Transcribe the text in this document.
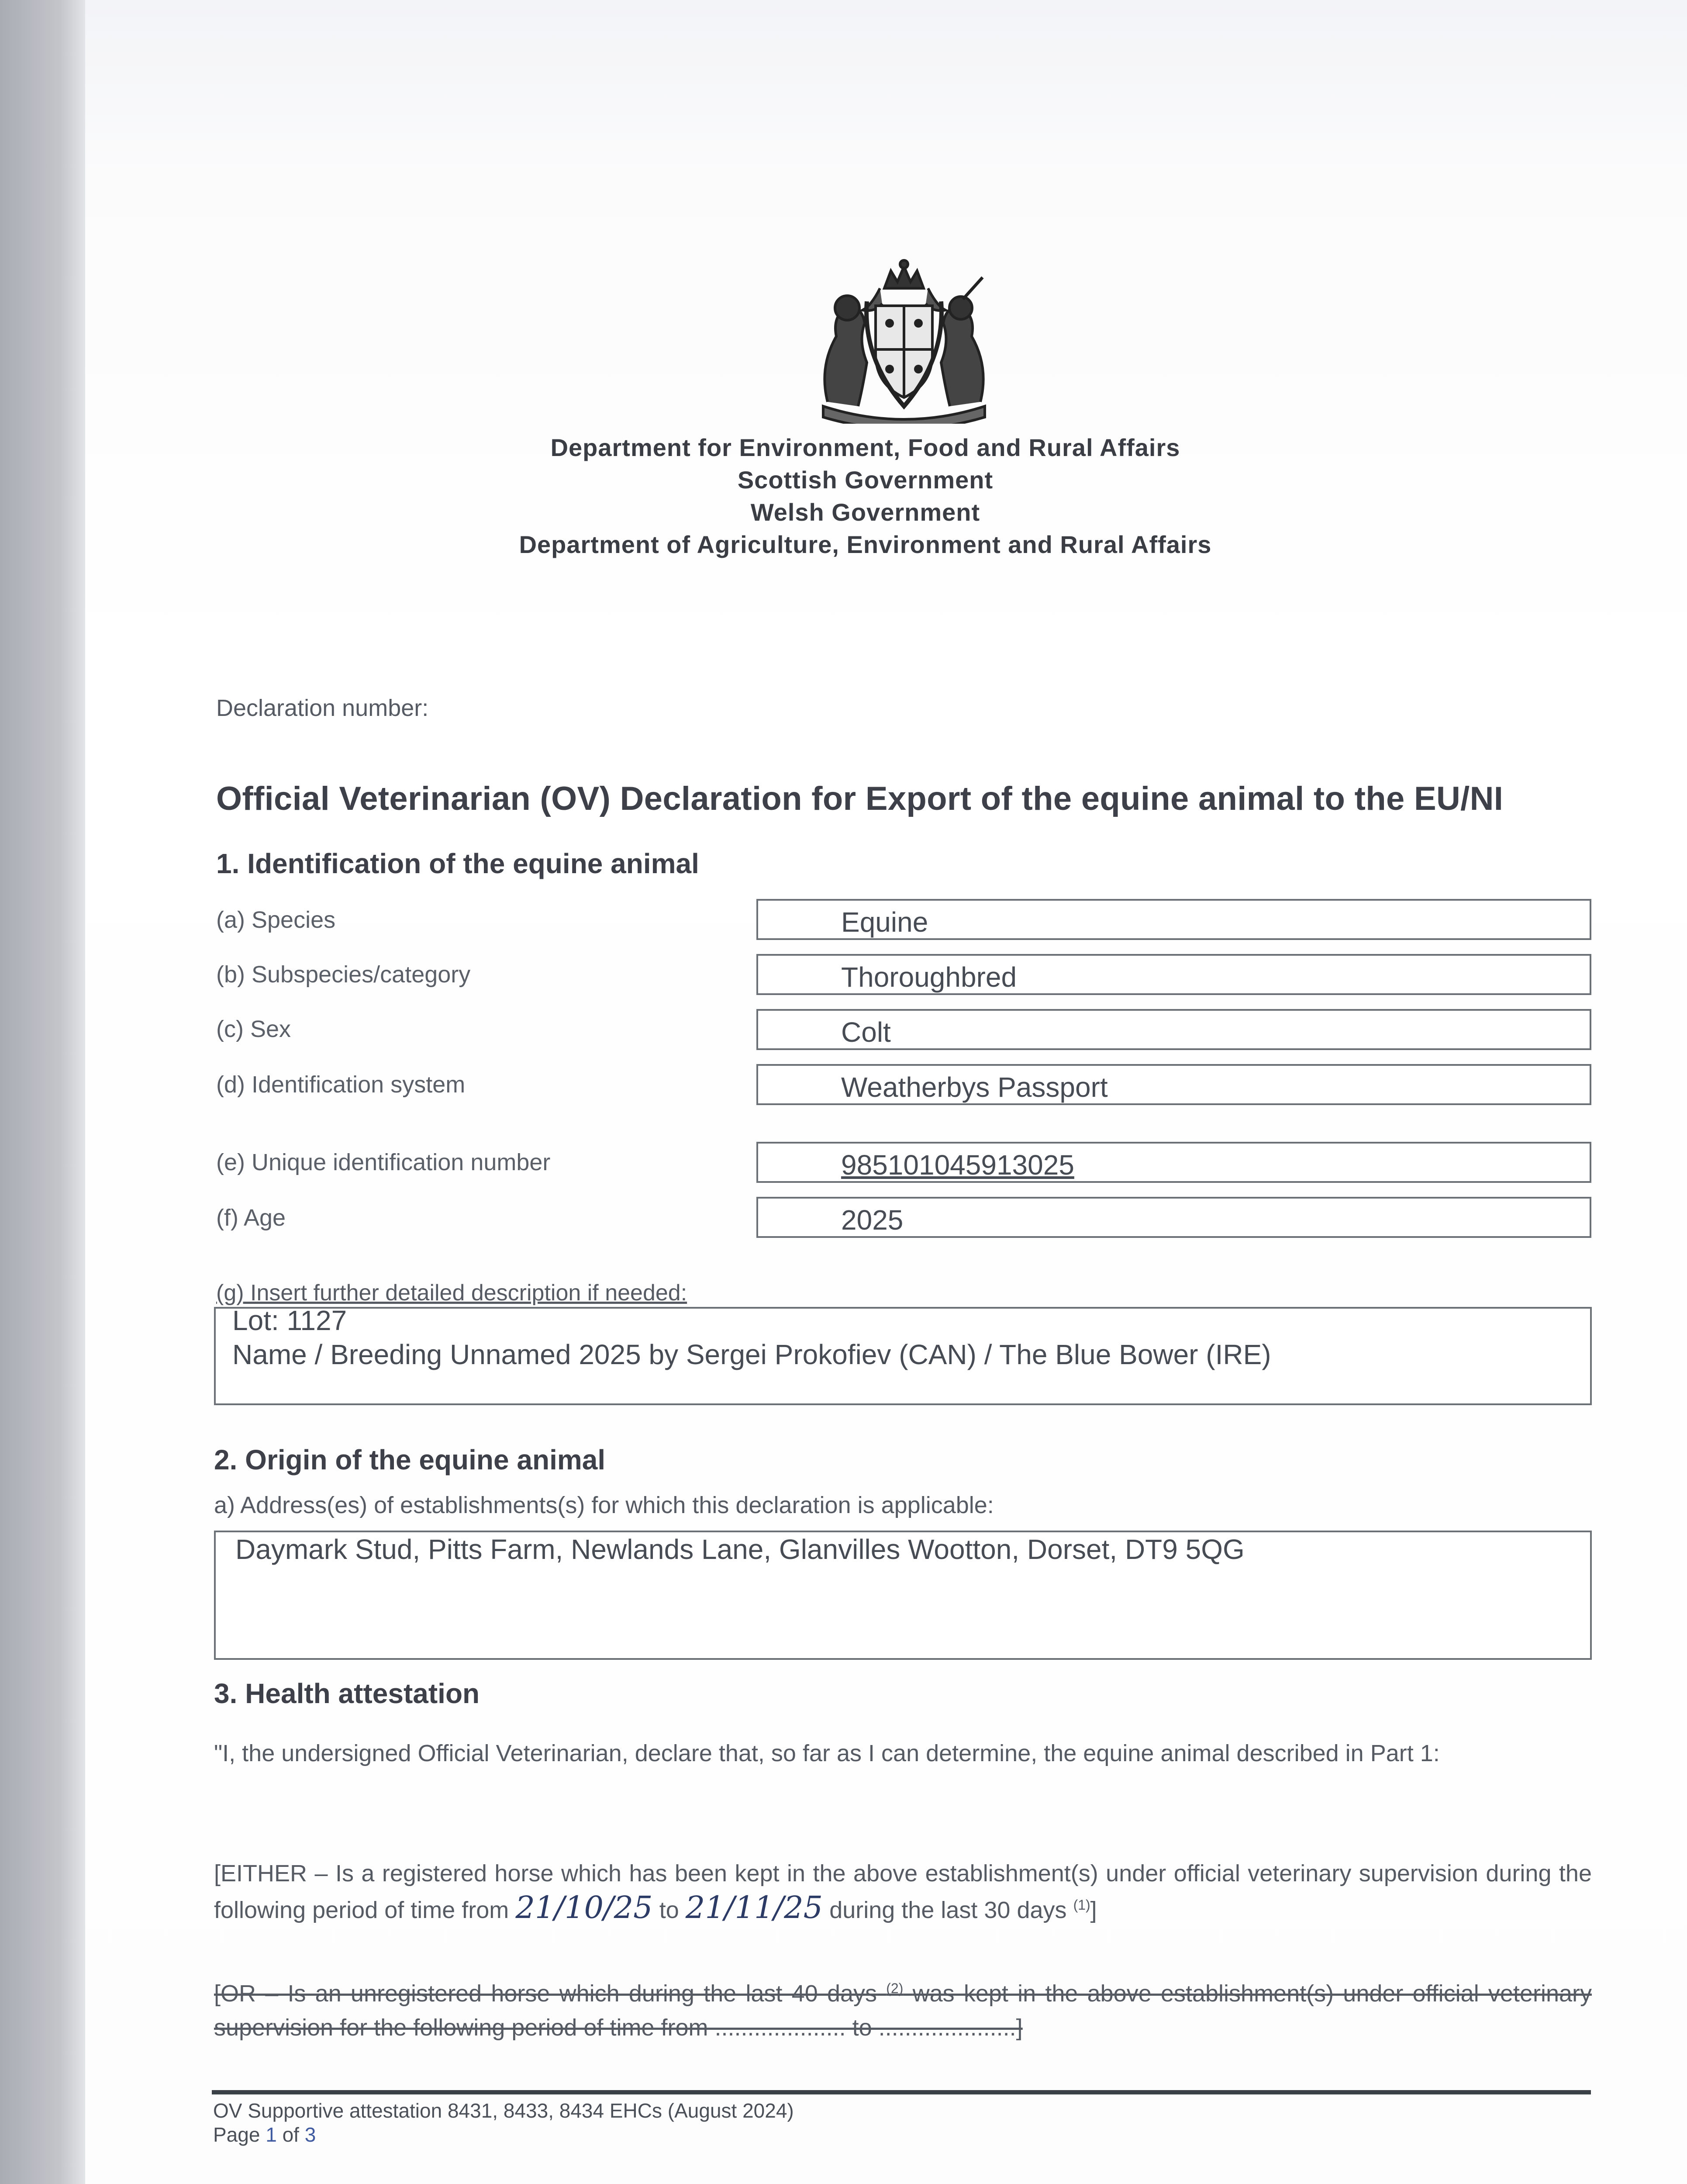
Department for Environment, Food and Rural Affairs
Scottish Government
Welsh Government
Department of Agriculture, Environment and Rural Affairs
Declaration number:
Official Veterinarian (OV) Declaration for Export of the equine animal to the EU/NI
1. Identification of the equine animal
(a) Species	Equine
(b) Subspecies/category	Thoroughbred
(c) Sex	Colt
(d) Identification system	Weatherbys Passport
(e) Unique identification number	985101045913025
(f) Age	2025
(g) Insert further detailed description if needed:
Lot: 1127
Name / Breeding Unnamed 2025 by Sergei Prokofiev (CAN) / The Blue Bower (IRE)
2. Origin of the equine animal
a) Address(es) of establishments(s) for which this declaration is applicable:
Daymark Stud, Pitts Farm, Newlands Lane, Glanvilles Wootton, Dorset, DT9 5QG
3. Health attestation
"I, the undersigned Official Veterinarian, declare that, so far as I can determine, the equine animal described in Part 1:
[EITHER – Is a registered horse which has been kept in the above establishment(s) under official veterinary supervision during the following period of time from 21/10/25 to 21/11/25 during the last 30 days $^{(1)}$]
[OR – Is an unregistered horse which during the last 40 days $^{(2)}$ was kept in the above establishment(s) under official veterinary supervision for the following period of time from .................... to .....................]
OV Supportive attestation 8431, 8433, 8434 EHCs (August 2024)
Page 1 of 3
